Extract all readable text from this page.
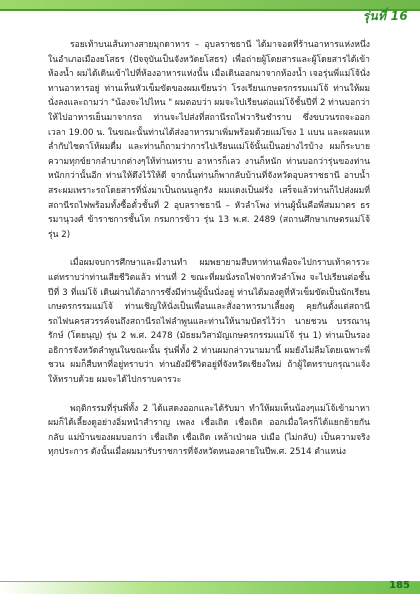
รุ่นที่ 16

รอยเท้าบนเส้นทางสายมุกดาหาร – อุบลราชธานี ได้มาจอดที่ร้านอาหารแห่งหนึ่งในอำเภอเมืองยโสธร (ปัจจุบันเป็นจังหวัดยโสธร) เพื่อถ่ายผู้โดยสารและผู้โดยสารได้เข้าห้องน้ำ ผมได้เดินเข้าไปที่ห้องอาหารแห่งนั้น เมื่อเดินออกมาจากห้องน้ำ เจอรุ่นพี่แม่โจ้นั่งทานอาหารอยู่ ท่านเห็นหัวเข็มขัดของผมเขียนว่า โรงเรียนเกษตรกรรมแม่โจ้ ท่านให้ผมนั่งลงและถามว่า "น้องจะไปไหน " ผมตอบว่า ผมจะไปเรียนต่อแม่โจ้ชั้นปีที่ 2 ท่านบอกว่าให้ไปอาหารเย็นมาจากรถ ท่านจะไปส่งที่สถานีรถไฟวารินชำราบ ซึ่งขบวนรถจะออกเวลา 19.00 น. ในขณะนั้นท่านได้ส่งอาหารมาเพิ่มพร้อมด้วยแม่โขง 1 แบน และผลมแหล่ำกับไชตาโห้ผมดื่ม และท่านก็ถามว่าการไปเรียนแม่โจ้นั้นเป็นอย่างไรบ้าง ผมก็ระบายความทุกข์ยากลำบากต่างๆให้ท่านทราบ อาหารก็เลว งานก็หนัก ท่านบอกว่ารุ่นของท่านหนักกว่านั้นอีก ท่านให้ดึงไว้ให้ดี จากนั้นท่านก็พากลับบ้านที่จังหวัดอุบลราชธานี อาบน้ำ สระผมเพราะรถโดยสารที่นั่งมาเป็นถนนลูกรัง ผมแดงเป็นฝรั่ง เสร็จแล้วท่านก็ไปส่งผมที่สถานีรถไฟพร้อมทั้งซื้อตั๋วชั้นที่ 2 อุบลราชธานี – หัวลำโพง ท่านผู้นั้นคือพี่สมมาตร ธรรมานุวงศ์ ข้าราชการชั้นโท กรมการข้าว รุ่น 13 พ.ศ. 2489 (สถานศึกษาเกษตรแม่โจ้ รุ่น 2)

เมื่อผมจบการศึกษาและมีงานทำ ผมพยายามสืบหาท่านเพื่อจะไปกราบเท้าคารวะ แต่ทราบว่าท่านเสียชีวิตแล้ว ท่านที่ 2 ขณะที่ผมนั่งรถไฟจากหัวลำโพง จะไปเรียนต่อชั้นปีที่ 3 ที่แม่โจ้ เดินผ่านได้อาการซึ่งมีท่านผู้นั้นนั่งอยู่ ท่านได้มองดูที่หัวเข็มขัดเป็นนักเรียนเกษตรกรรมแม่โจ้ ท่านเชิญให้นั่งเป็นเพื่อนและสั่งอาหารมาเลี้ยงดู คุยกันตั้งแต่สถานีรถไฟนครสวรรค์จนถึงสถานีรถไฟลำพูนและท่านให้นามบัตรไว้ว่า นายชวน บรรณานุรักษ์ (โดยนุญ) รุ่น 2 พ.ศ. 2478 (มัธยมวิสามัญเกษตรกรรมแม่โจ้ รุ่น 1) ท่านเป็นรองอธิการจังหวัดลำพูนในขณะนั้น รุ่นพี่ทั้ง 2 ท่านผมกล่าวนามมานี้ ผมยังไม่ลืมโดยเฉพาะพี่ชวน ผมก็สืบหาที่อยู่ทราบว่า ท่านยังมีชีวิตอยู่ที่จังหวัดเชียงใหม่ ถ้าผู้ใดทราบกรุณาแจ้งให้ทราบด้วย ผมจะได้ไปกราบคารวะ

พฤติกรรมที่รุ่นพี่ทั้ง 2 ได้แสดงออกและได้รับมา ทำให้ผมเห็นน้องๆแม่โจ้เข้ามาหา ผมก็ได้เลี้ยงดูอย่างอิ่มหนำสำราญ เพลง เชื่อเถิด เชื่อเถิด ออกเมื่อใครก็ได้แยกย้ายกันกลับ แม่บ้านของผมบอกว่า เชื่อเถิด เชื่อเถิด เหล้าเป่าผล บ่เมือ (ไม่กลับ) เป็นความจริงทุกประการ ดังนั้นเมื่อผมมารับราชการที่จังหวัดหนองคายในปีพ.ศ. 2514 ตำแหน่ง

185
